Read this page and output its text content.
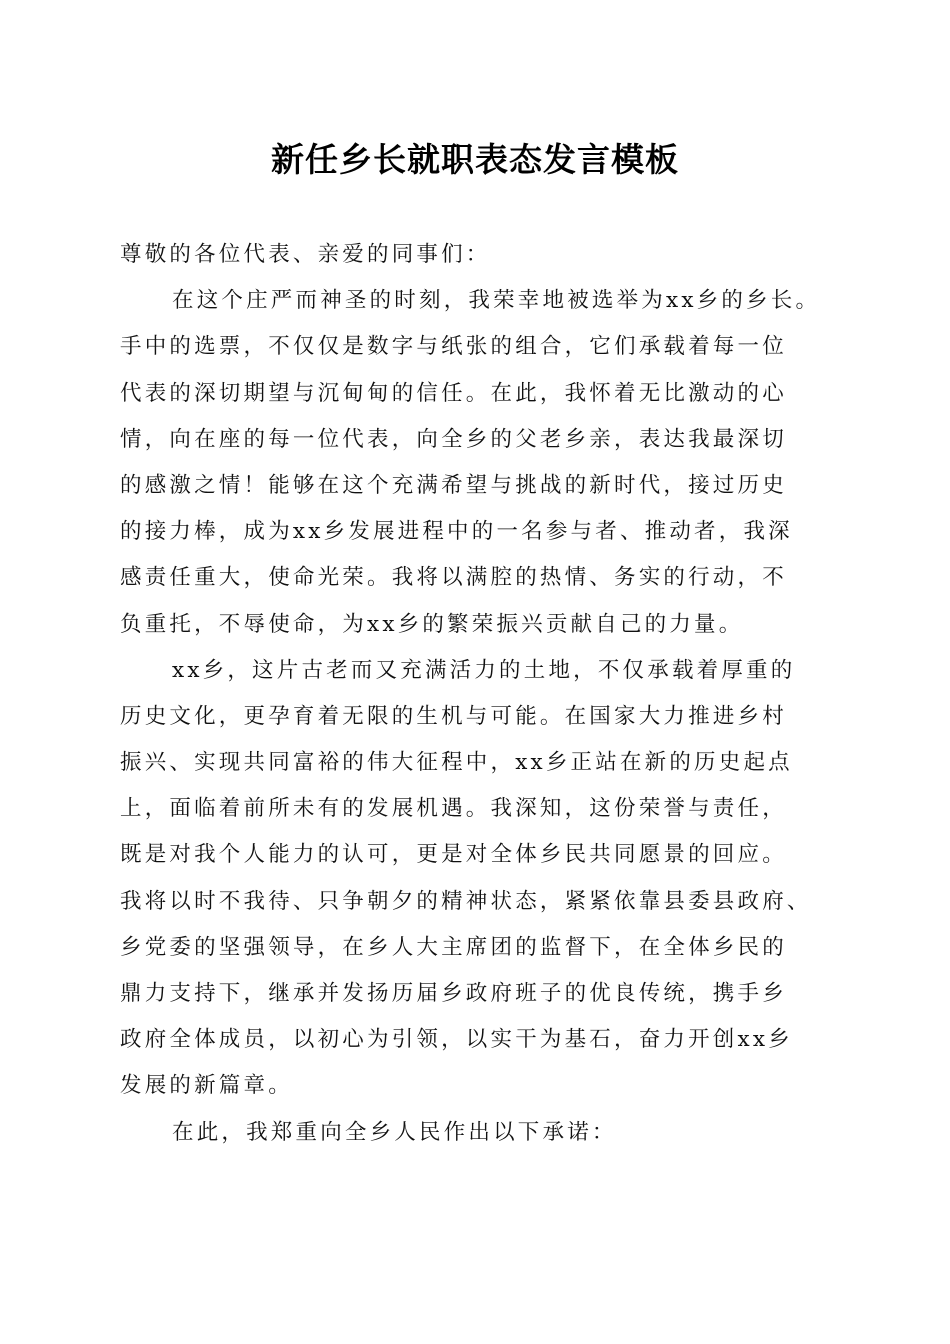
新任乡长就职表态发言模板
尊敬的各位代表、亲爱的同事们：
在这个庄严而神圣的时刻，我荣幸地被选举为xx乡的乡长。
手中的选票，不仅仅是数字与纸张的组合，它们承载着每一位
代表的深切期望与沉甸甸的信任。在此，我怀着无比激动的心
情，向在座的每一位代表，向全乡的父老乡亲，表达我最深切
的感激之情！能够在这个充满希望与挑战的新时代，接过历史
的接力棒，成为xx乡发展进程中的一名参与者、推动者，我深
感责任重大，使命光荣。我将以满腔的热情、务实的行动，不
负重托，不辱使命，为xx乡的繁荣振兴贡献自己的力量。
xx乡，这片古老而又充满活力的土地，不仅承载着厚重的
历史文化，更孕育着无限的生机与可能。在国家大力推进乡村
振兴、实现共同富裕的伟大征程中，xx乡正站在新的历史起点
上，面临着前所未有的发展机遇。我深知，这份荣誉与责任，
既是对我个人能力的认可，更是对全体乡民共同愿景的回应。
我将以时不我待、只争朝夕的精神状态，紧紧依靠县委县政府、
乡党委的坚强领导，在乡人大主席团的监督下，在全体乡民的
鼎力支持下，继承并发扬历届乡政府班子的优良传统，携手乡
政府全体成员，以初心为引领，以实干为基石，奋力开创xx乡
发展的新篇章。
在此，我郑重向全乡人民作出以下承诺：
